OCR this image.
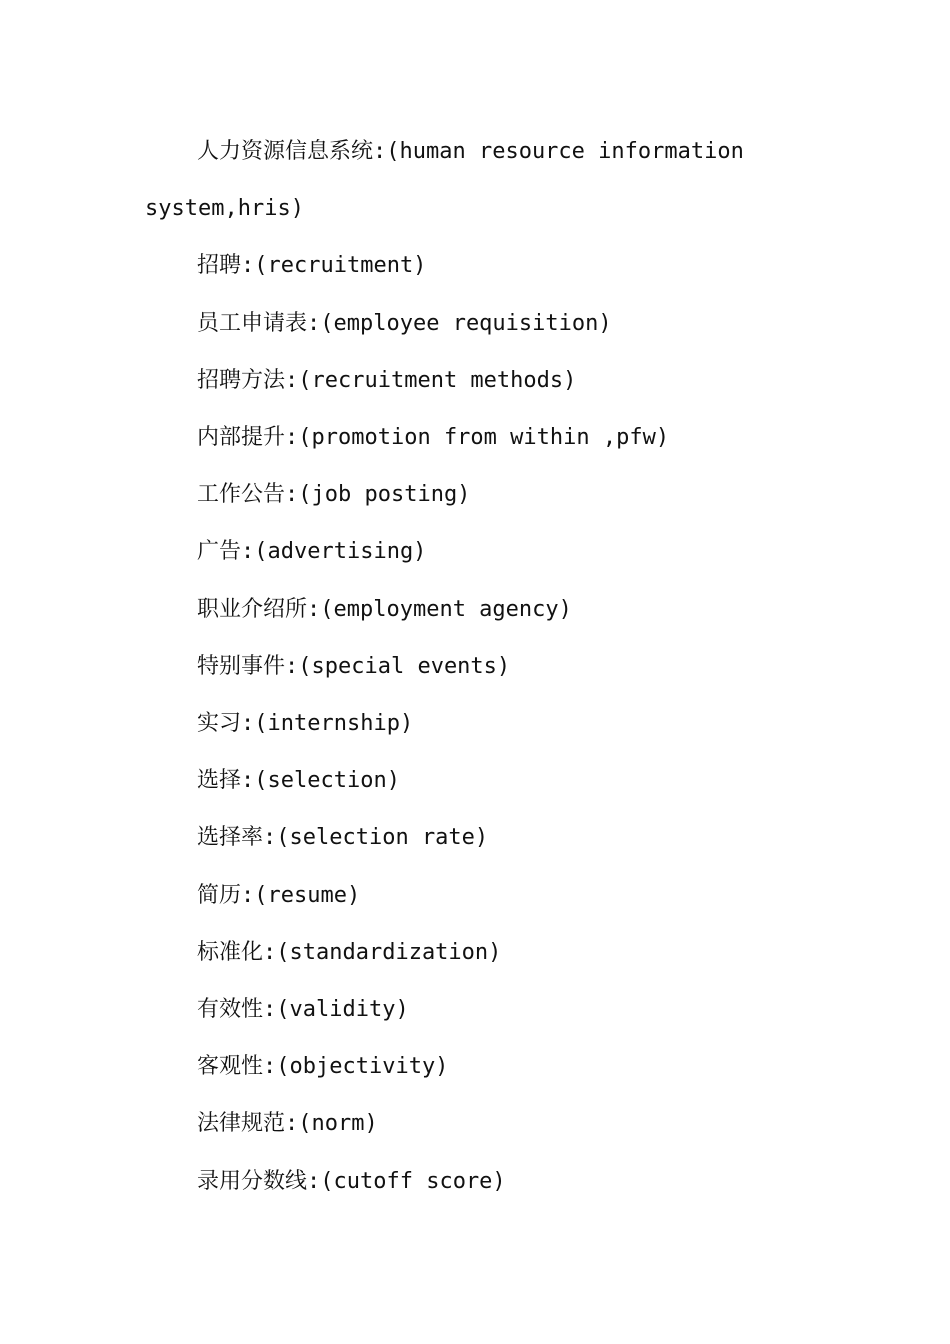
人力资源信息系统:(human resource information system,hris)

招聘:(recruitment)

员工申请表:(employee requisition)

招聘方法:(recruitment methods)

内部提升:(promotion from within ,pfw)

工作公告:(job posting)

广告:(advertising)

职业介绍所:(employment agency)

特别事件:(special events)

实习:(internship)

选择:(selection)

选择率:(selection rate)

简历:(resume)

标准化:(standardization)

有效性:(validity)

客观性:(objectivity)

法律规范:(norm)

录用分数线:(cutoff score)
